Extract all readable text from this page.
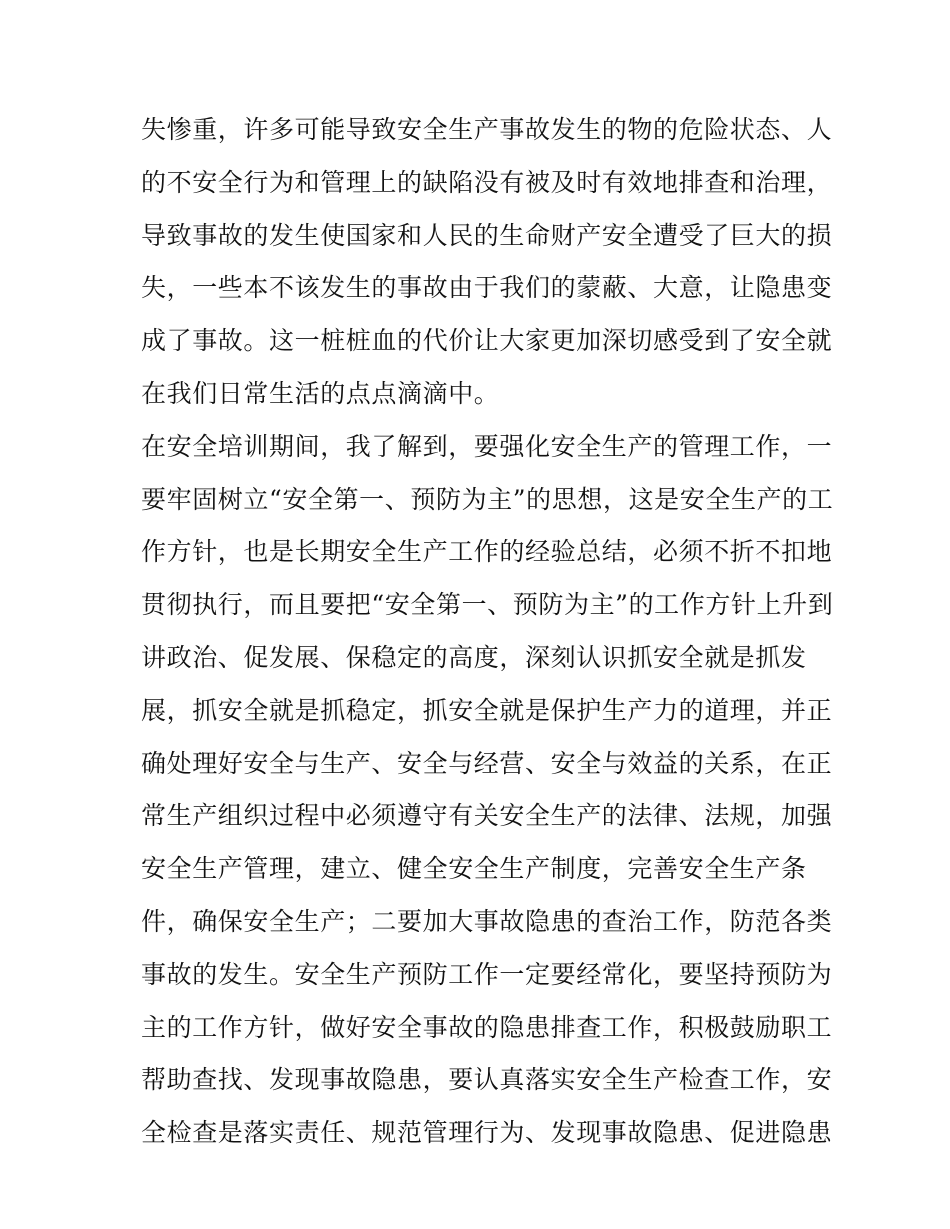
失惨重，许多可能导致安全生产事故发生的物的危险状态、人
的不安全行为和管理上的缺陷没有被及时有效地排查和治理，
导致事故的发生使国家和人民的生命财产安全遭受了巨大的损
失，一些本不该发生的事故由于我们的蒙蔽、大意，让隐患变
成了事故。这一桩桩血的代价让大家更加深切感受到了安全就
在我们日常生活的点点滴滴中。
在安全培训期间，我了解到，要强化安全生产的管理工作，一
要牢固树立“安全第一、预防为主”的思想，这是安全生产的工
作方针，也是长期安全生产工作的经验总结，必须不折不扣地
贯彻执行，而且要把“安全第一、预防为主”的工作方针上升到
讲政治、促发展、保稳定的高度，深刻认识抓安全就是抓发
展，抓安全就是抓稳定，抓安全就是保护生产力的道理，并正
确处理好安全与生产、安全与经营、安全与效益的关系，在正
常生产组织过程中必须遵守有关安全生产的法律、法规，加强
安全生产管理，建立、健全安全生产制度，完善安全生产条
件，确保安全生产；二要加大事故隐患的查治工作，防范各类
事故的发生。安全生产预防工作一定要经常化，要坚持预防为
主的工作方针，做好安全事故的隐患排查工作，积极鼓励职工
帮助查找、发现事故隐患，要认真落实安全生产检查工作，安
全检查是落实责任、规范管理行为、发现事故隐患、促进隐患
